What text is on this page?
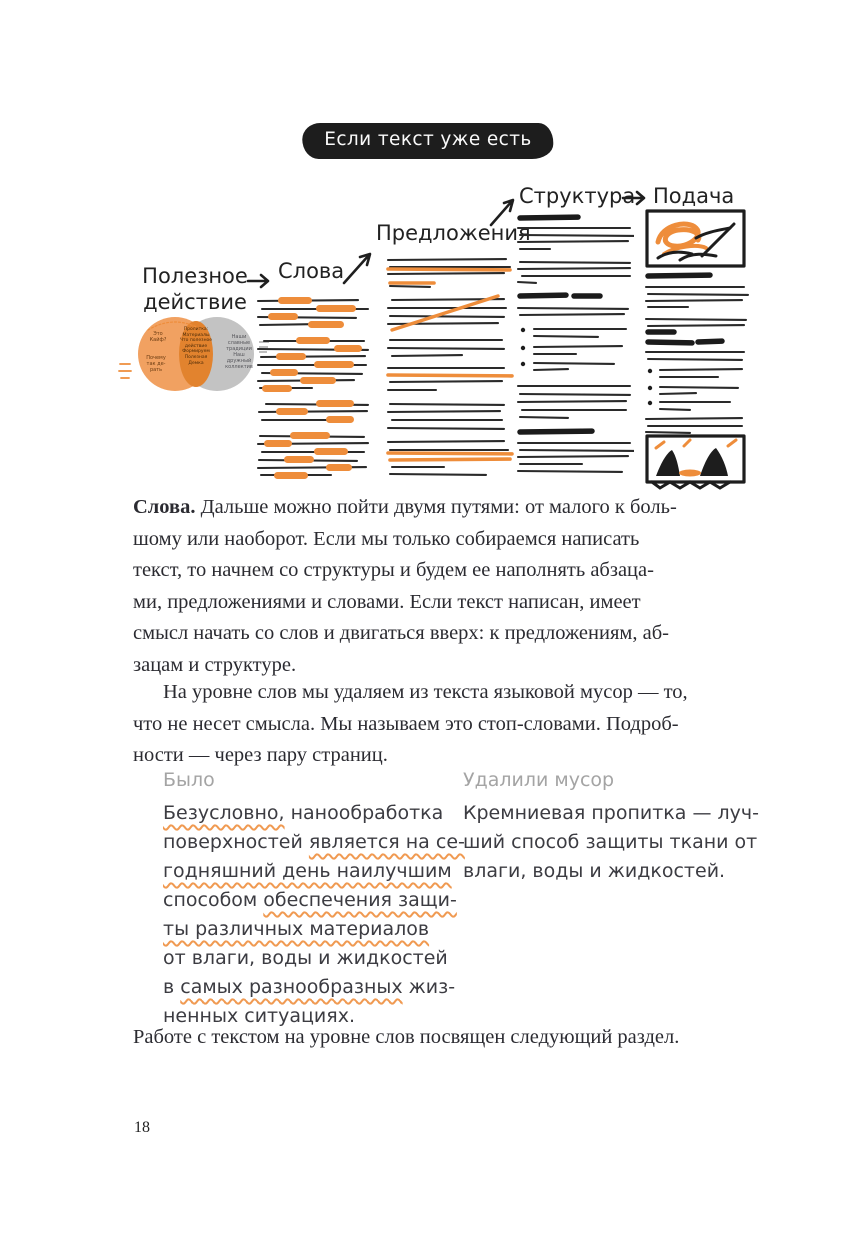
Если текст уже есть
Полезное
действие
Слова
Предложения
Структура Подача
Это
Кайф?
Почему
так де-
рать
Пролитка:
Материалы
Что полезное
действие
Формируем
Полезная
Демка
Наши
славные
традиции
Наш
дружный
коллектив
Слова. Дальше можно пойти двумя путями: от малого к боль-
шому или наоборот. Если мы только собираемся написать
текст, то начнем со структуры и будем ее наполнять абзаца-
ми, предложениями и словами. Если текст написан, имеет
смысл начать со слов и двигаться вверх: к предложениям, аб-
зацам и структуре.
На уровне слов мы удаляем из текста языковой мусор — то,
что не несет смысла. Мы называем это стоп-словами. Подроб-
ности — через пару страниц.
Было
Безусловно, нанообработка
поверхностей является на се-
годняшний день наилучшим
способом обеспечения защи-
ты различных материалов
от влаги, воды и жидкостей
в самых разнообразных жиз-
ненных ситуациях.
Удалили мусор
Кремниевая пропитка — луч-
ший способ защиты ткани от
влаги, воды и жидкостей.
Работе с текстом на уровне слов посвящен следующий раздел.
18
